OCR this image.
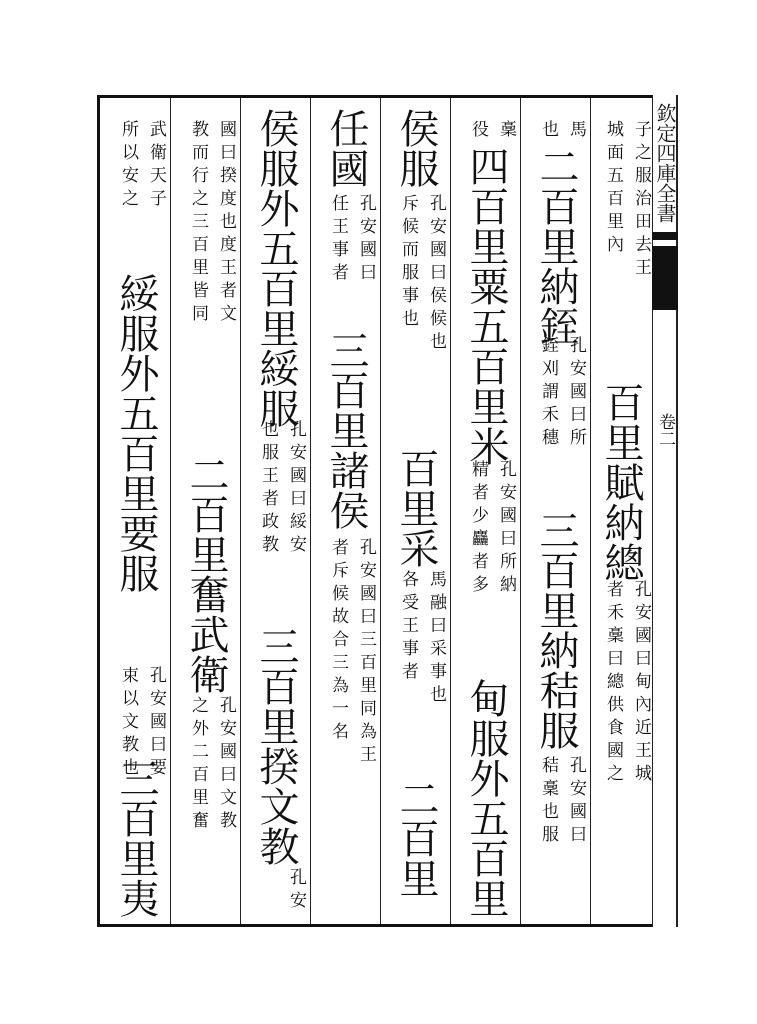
武衛天子
所以安之
綏服外五百里要服
孔安國曰要
束以文教也
三百里夷
國曰揆度也度王者文
教而行之三百里皆同
二百里奮武衛
孔安國曰文教
之外二百里奮
侯服外五百里綏服
孔安國曰綏安
也服王者政教
三百里揆文教
孔安
任國
孔安國曰
任王事者
三百里諸侯
孔安國曰三百里同為王
者斥候故合三為一名
侯服
孔安國曰侯候也
斥候而服事也
百里采
馬融曰采事也
各受王事者
二百里
稾
役
四百里粟五百里米
孔安國曰所納
精者少麤者多
甸服外五百里
馬
也
二百里納銍
孔安國曰所
銍刈謂禾穗
三百里納秸服
孔安國曰
秸稾也服
子之服治田去王
城面五百里內
百里賦納總
孔安國曰甸內近王城
者禾稾曰總供食國之
欽定四庫全書
卷二
